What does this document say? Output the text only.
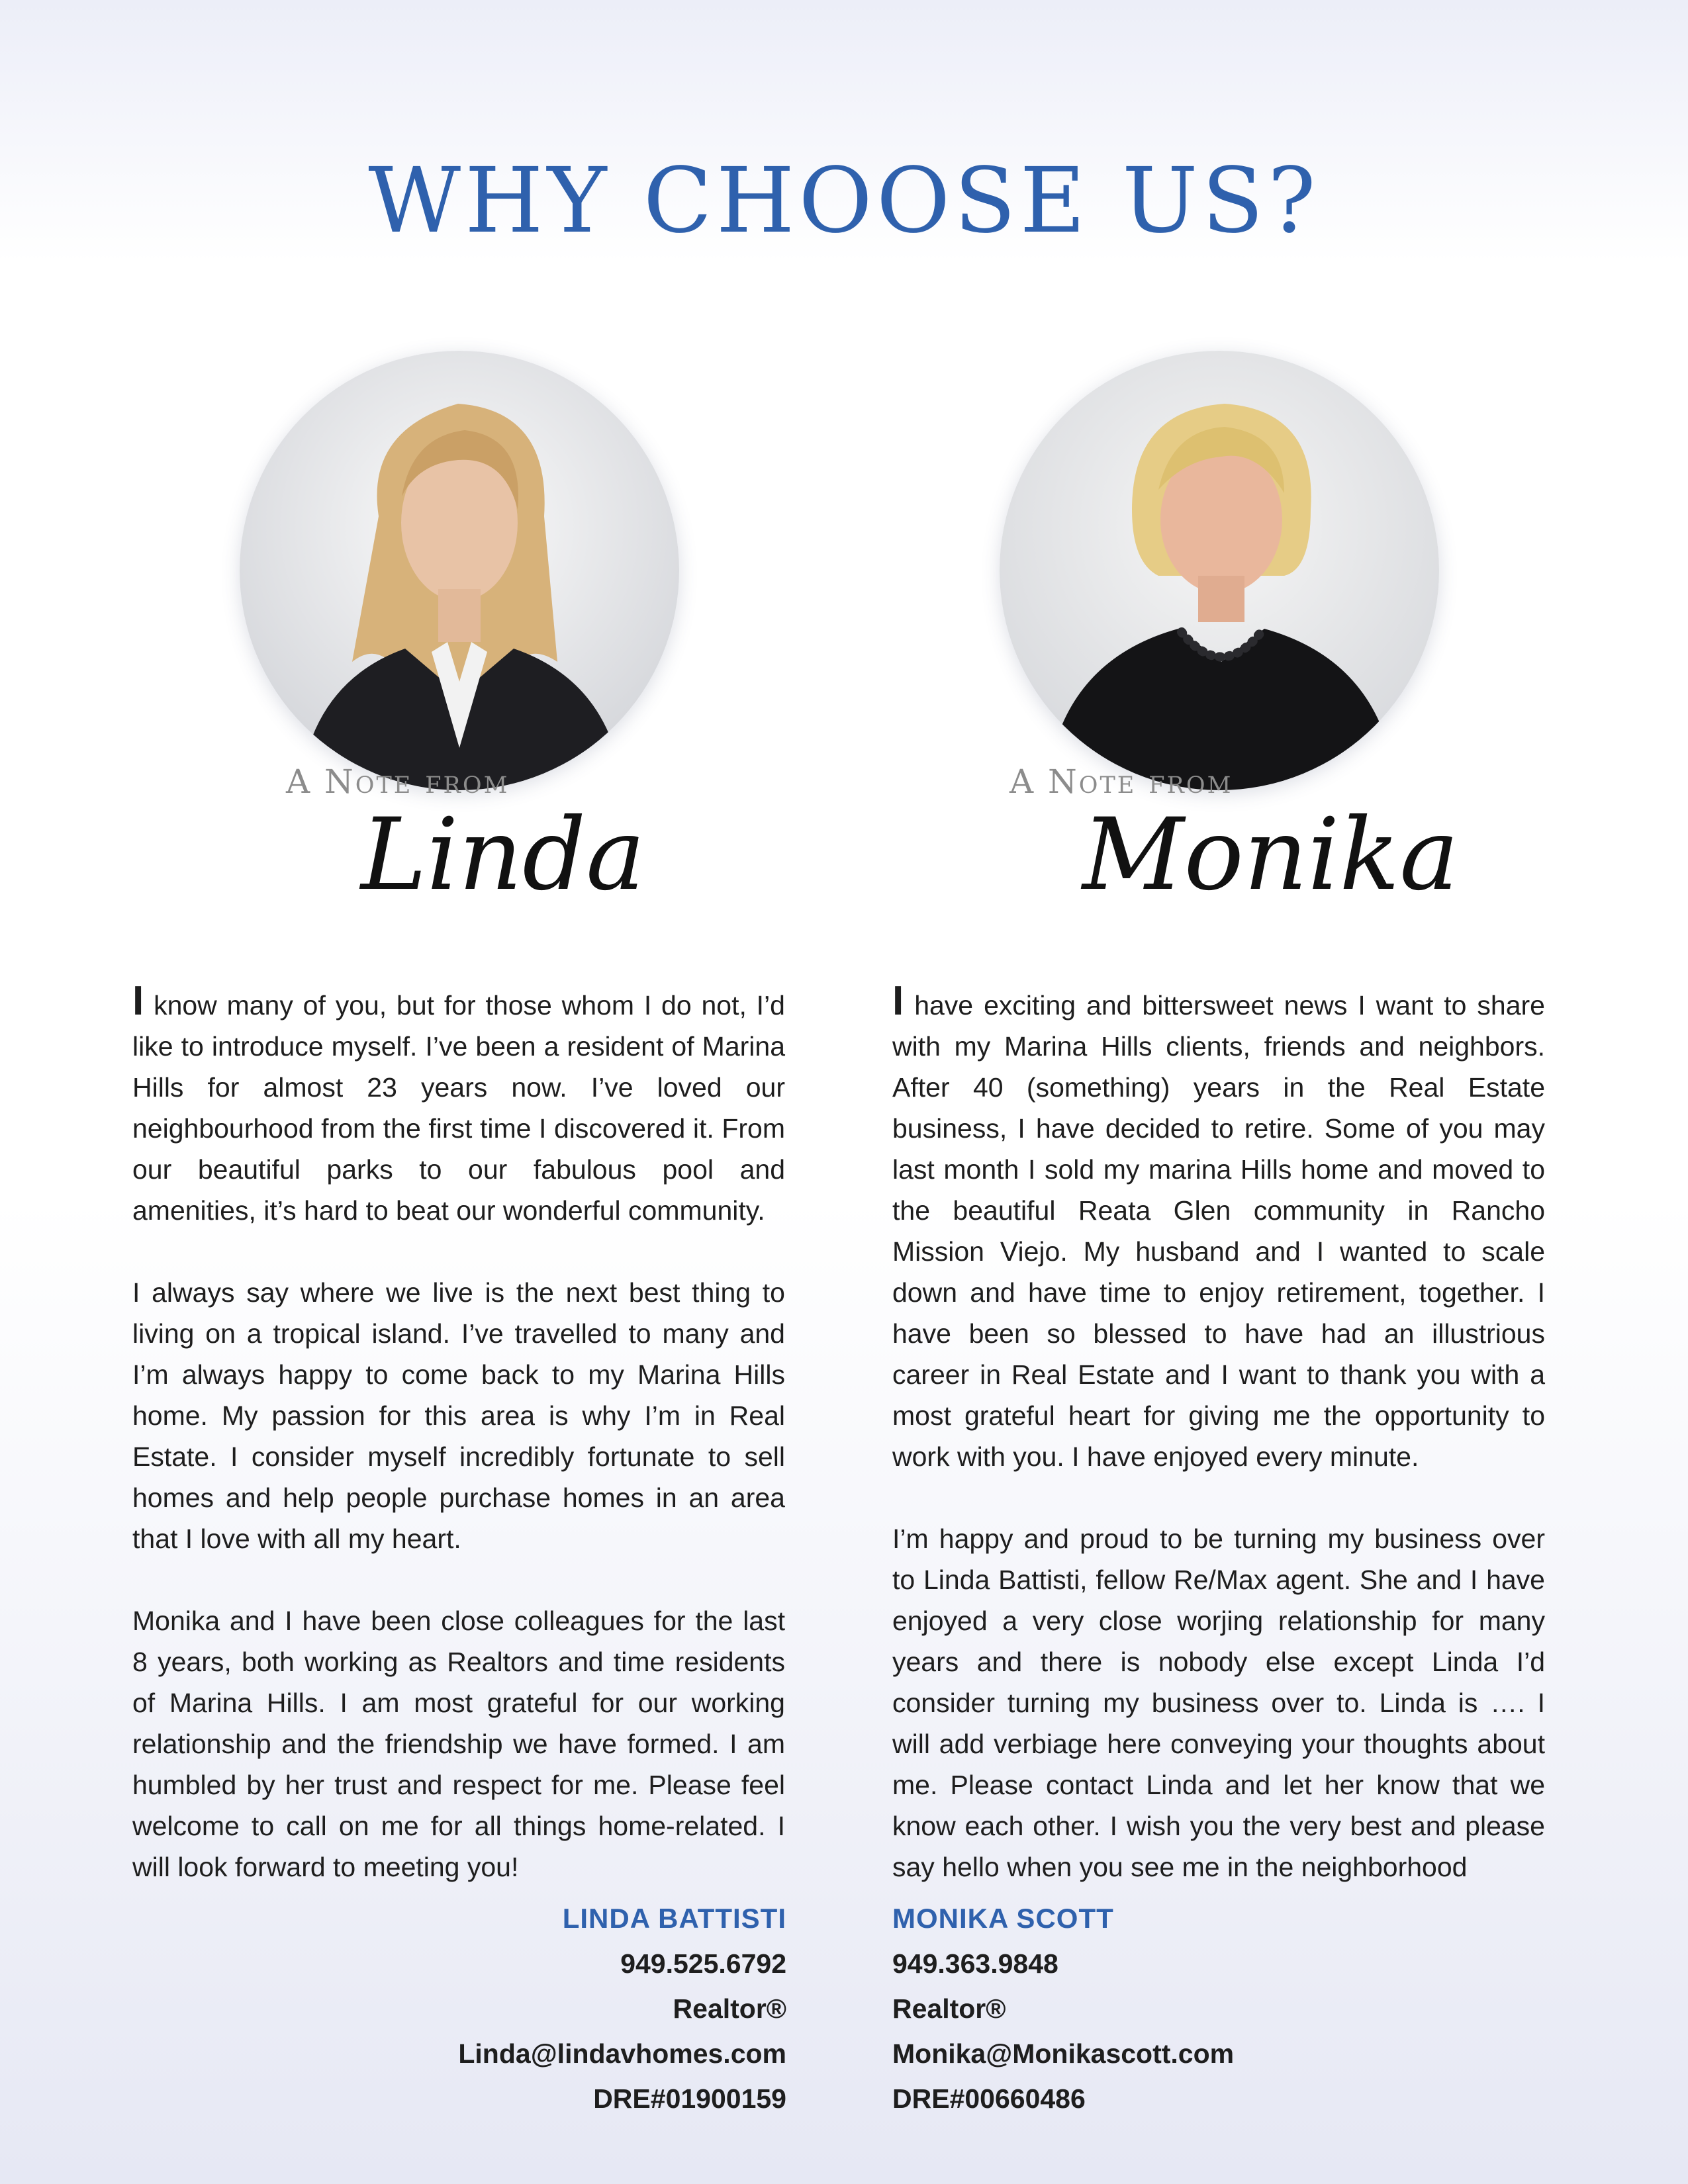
WHY CHOOSE US?
A Note from
Linda
A Note from
Monika

I know many of you, but for those whom I do not, I’d like to introduce myself. I’ve been a resident of Marina Hills for almost 23 years now. I’ve loved our neighbourhood from the first time I discovered it. From our beautiful parks to our fabulous pool and amenities, it’s hard to beat our wonderful community.

I always say where we live is the next best thing to living on a tropical island. I’ve travelled to many and I’m always happy to come back to my Marina Hills home. My passion for this area is why I’m in Real Estate. I consider myself incredibly fortunate to sell homes and help people purchase homes in an area that I love with all my heart.

Monika and I have been close colleagues for the last 8 years, both working as Realtors and time residents of Marina Hills. I am most grateful for our working relationship and the friendship we have formed. I am humbled by her trust and respect for me. Please feel welcome to call on me for all things home-related. I will look forward to meeting you!

I have exciting and bittersweet news I want to share with my Marina Hills clients, friends and neighbors. After 40 (something) years in the Real Estate business, I have decided to retire. Some of you may last month I sold my marina Hills home and moved to the beautiful Reata Glen community in Rancho Mission Viejo. My husband and I wanted to scale down and have time to enjoy retirement, together. I have been so blessed to have had an illustrious career in Real Estate and I want to thank you with a most grateful heart for giving me the opportunity to work with you. I have enjoyed every minute.

I’m happy and proud to be turning my business over to Linda Battisti, fellow Re/Max agent. She and I have enjoyed a very close worjing relationship for many years and there is nobody else except Linda I’d consider turning my business over to. Linda is …. I will add verbiage here conveying your thoughts about me. Please contact Linda and let her know that we know each other. I wish you the very best and please say hello when you see me in the neighborhood

LINDA BATTISTI
949.525.6792
Realtor®
Linda@lindavhomes.com
DRE#01900159
MONIKA SCOTT
949.363.9848
Realtor®
Monika@Monikascott.com
DRE#00660486
